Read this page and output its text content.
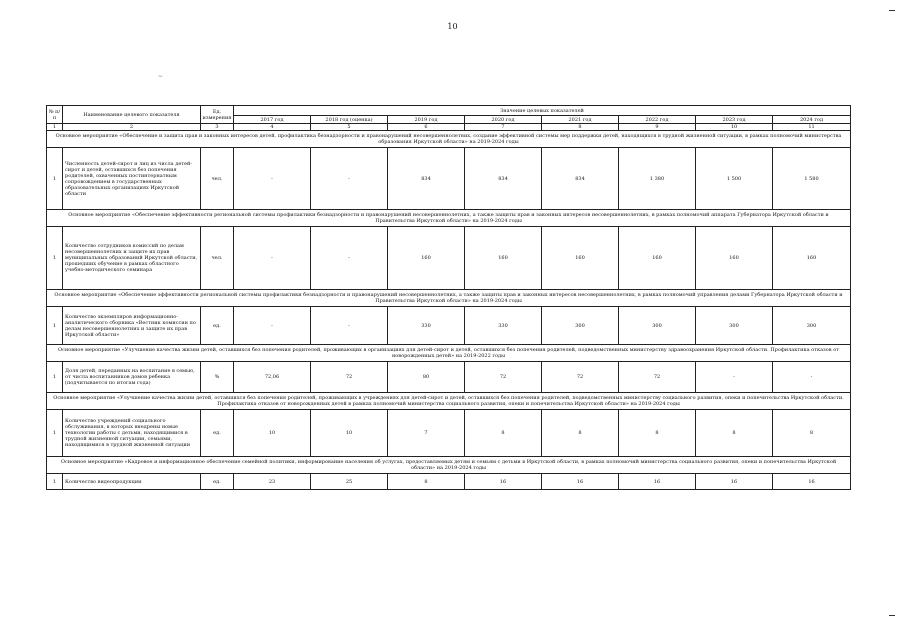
10
~
№ п/п	Наименование целевого показателя	Ед. измерения	Значение целевых показателей							
			2017 год	2018 год (оценка)	2019 год	2020 год	2021 год	2022 год	2023 год	2024 год
1	2	3	4	5	6	7	8	9	10	11
Основное мероприятие «Обеспечение и защита прав и законных интересов детей, профилактика безнадзорности и правонарушений несовершеннолетних, создание эффективной системы мер поддержки детей, находящихся в трудной жизненной ситуации, в рамках полномочий министерства образования Иркутской области» на 2019-2024 годы										
1	Численность детей-сирот и лиц из числа детей-сирот и детей, оставшихся без попечения родителей, охваченных постинтернатным сопровождением в государственных образовательных организациях Иркутской области	чел.	-	-	834	834	834	1 380	1 500	1 580
Основное мероприятие «Обеспечение эффективности региональной системы профилактики безнадзорности и правонарушений несовершеннолетних, а также защиты прав и законных интересов несовершеннолетних, в рамках полномочий аппарата Губернатора Иркутской области и Правительства Иркутской области» на 2019-2024 годы										
1	Количество сотрудников комиссий по делам несовершеннолетних и защите их прав муниципальных образований Иркутской области, прошедших обучение в рамках областного учебно-методического семинара	чел.	-	-	160	160	160	160	160	160
Основное мероприятие «Обеспечение эффективности региональной системы профилактики безнадзорности и правонарушений несовершеннолетних, а также защиты прав и законных интересов несовершеннолетних, в рамках полномочий управления делами Губернатора Иркутской области и Правительства Иркутской области» на 2019-2024 годы										
1	Количество экземпляров информационно-аналитического сборника «Вестник комиссии по делам несовершеннолетних и защите их прав Иркутской области»	ед.	-	-	330	330	300	300	300	300
Основное мероприятие «Улучшение качества жизни детей, оставшихся без попечения родителей, проживающих в организациях для детей-сирот и детей, оставшихся без попечения родителей, подведомственных министерству здравоохранения Иркутской области. Профилактика отказов от новорожденных детей» на 2019-2022 годы										
1	Доля детей, переданных на воспитание в семью, от числа воспитанников домов ребенка (подчитывается по итогам года)	%	72,06	72	80	72	72	72	-	-
Основное мероприятие «Улучшение качества жизни детей, оставшихся без попечения родителей, проживающих в учреждениях для детей-сирот и детей, оставшихся без попечения родителей, подведомственных министерству социального развития, опеки и попечительства Иркутской области. Профилактика отказов от новорожденных детей в рамках полномочий министерства социального развития, опеки и попечительства Иркутской области» на 2019-2024 годы										
1	Количество учреждений социального обслуживания, в которых внедрены новые технологии работы с детьми, находящимися в трудной жизненной ситуации, семьями, находящимися в трудной жизненной ситуации	ед.	10	10	7	8	8	8	8	8
Основное мероприятие «Кадровое и информационное обеспечение семейной политики, информирование населения об услугах, предоставляемых детям и семьям с детьми в Иркутской области, в рамках полномочий министерства социального развития, опеки и попечительства Иркутской области» на 2019-2024 годы										
1	Количество видеопродукции	ед.	23	25	8	16	16	16	16	16
